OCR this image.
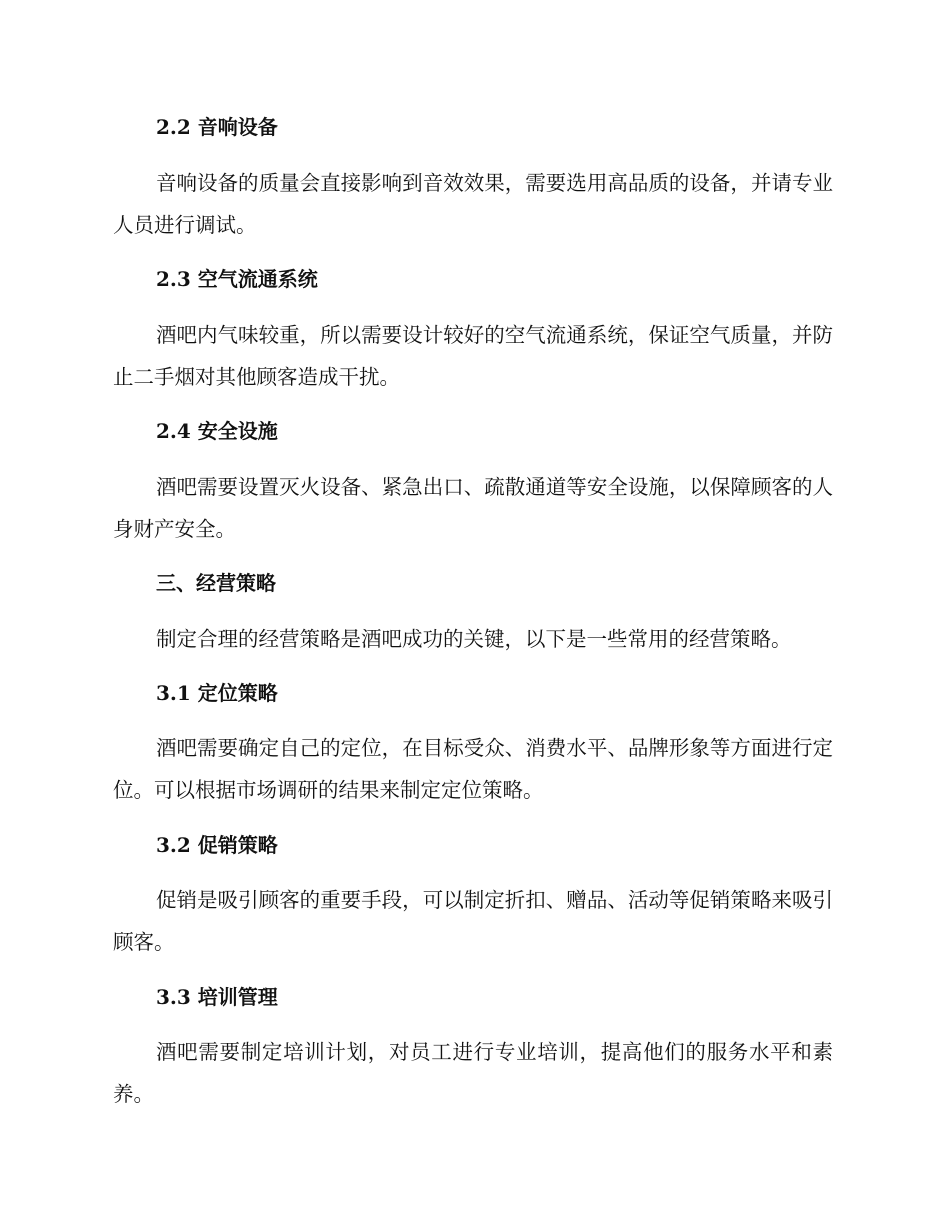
2.2 音响设备

音响设备的质量会直接影响到音效效果，需要选用高品质的设备，并请专业人员进行调试。

2.3 空气流通系统

酒吧内气味较重，所以需要设计较好的空气流通系统，保证空气质量，并防止二手烟对其他顾客造成干扰。

2.4 安全设施

酒吧需要设置灭火设备、紧急出口、疏散通道等安全设施，以保障顾客的人身财产安全。

三、经营策略

制定合理的经营策略是酒吧成功的关键，以下是一些常用的经营策略。

3.1 定位策略

酒吧需要确定自己的定位，在目标受众、消费水平、品牌形象等方面进行定位。可以根据市场调研的结果来制定定位策略。

3.2 促销策略

促销是吸引顾客的重要手段，可以制定折扣、赠品、活动等促销策略来吸引顾客。

3.3 培训管理

酒吧需要制定培训计划，对员工进行专业培训，提高他们的服务水平和素养。
